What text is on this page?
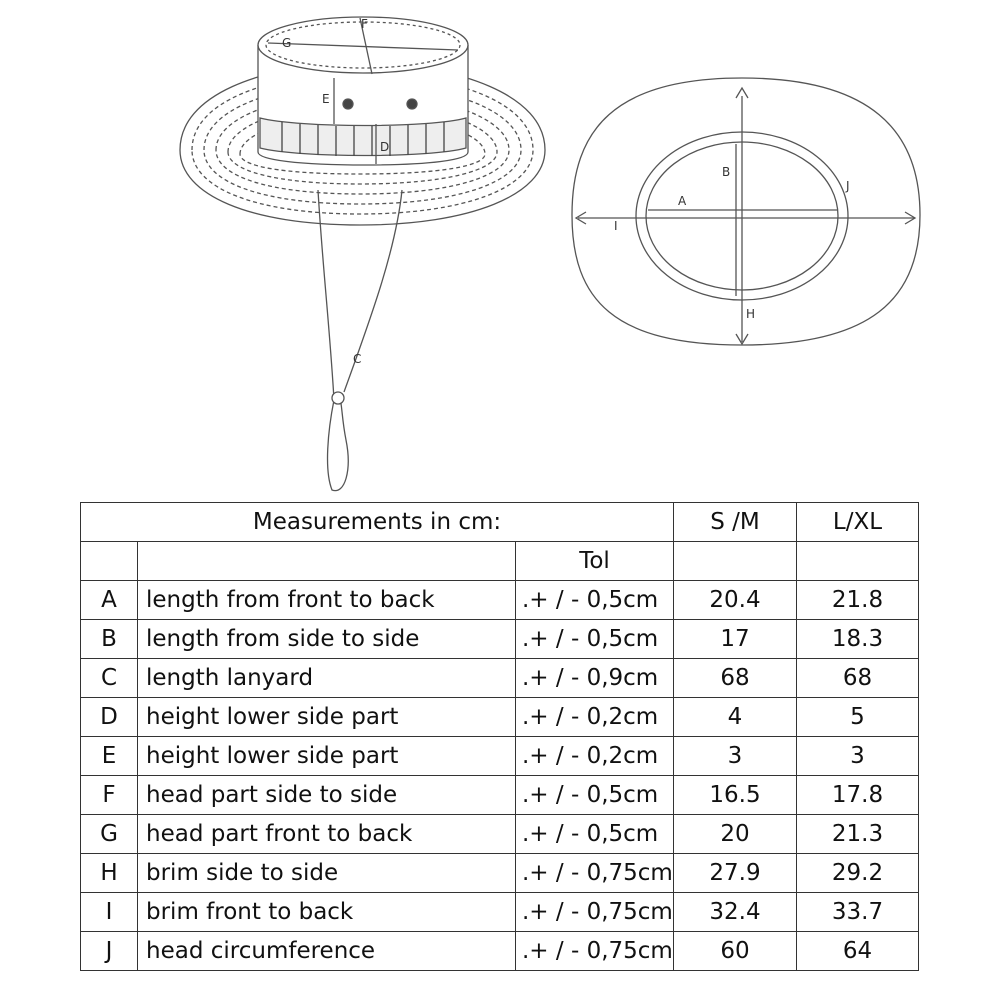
E
F
G
D
C
A
B
H
I
J
Measurements in cm:			S /M	L/XL
		Tol		
A	length from front to back	.+ / - 0,5cm	20.4	21.8
B	length from side to side	.+ / - 0,5cm	17	18.3
C	length lanyard	.+ / - 0,9cm	68	68
D	height lower side part	.+ / - 0,2cm	4	5
E	height lower side part	.+ / - 0,2cm	3	3
F	head part side to side	.+ / - 0,5cm	16.5	17.8
G	head part front to back	.+ / - 0,5cm	20	21.3
H	brim side to side	.+ / - 0,75cm	27.9	29.2
I	brim front to back	.+ / - 0,75cm	32.4	33.7
J	head circumference	.+ / - 0,75cm	60	64
